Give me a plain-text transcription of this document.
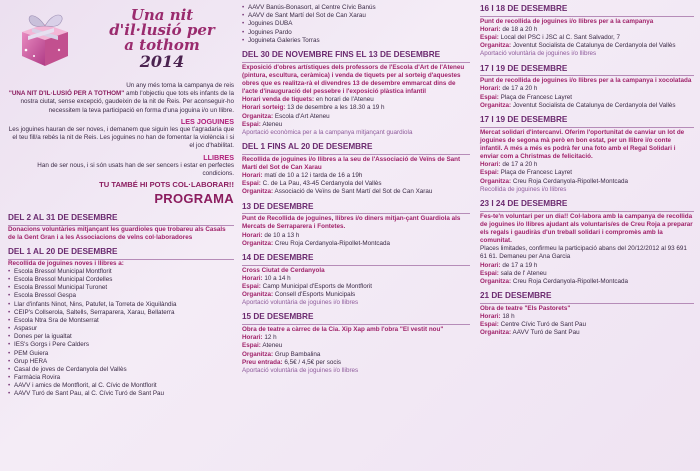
Una nit
d'il·lusió per
a tothom
2014
Un any més torna la campanya de reis
"UNA NIT D'IL·LUSIÓ PER A TOTHOM" amb l'objectiu que tots els infants de la nostra ciutat, sense excepció, gaudeixin de la nit de Reis. Per aconseguir-ho necessitem la teva participació en forma d'una joguina i/o un llibre.
LES JOGUINES
Les joguines hauran de ser noves, i demanem que siguin les que t'agradaria que el teu fill/a rebés la nit de Reis. Les joguines no han de fomentar la violència i si el joc d'habilitat.
LLIBRES
Han de ser nous, i si són usats han de ser sencers i estar en perfectes condicions.
TU TAMBÉ HI POTS COL·LABORAR!!
PROGRAMA
DEL 2 AL 31 DE DESEMBRE
Donacions voluntàries mitjançant les guardioles que trobareu als Casals de la Gent Gran i a les Associacions de veïns col·laboradores
DEL 1 AL 20 DE DESEMBRE
Recollida de joguines noves i llibres a:
• Escola Bressol Municipal Montflorit
• Escola Bressol Municipal Cordelles
• Escola Bressol Municipal Turonet
• Escola Bressol Gespa
• Llar d'infants Ninot, Nins, Patufet, la Torreta de Xiquilàndia
• CEIP's Collserola, Saltells, Serraparera, Xarau, Bellaterra
• Escola Ntra Sra de Montserrat
• Aspasur
• Dones per la igualtat
• IES's Gorgs i Pere Calders
• PEM Guiera
• Grup HERA
• Casal de joves de Cerdanyola del Vallès
• Farmàcia Rovira
• AAVV i amics de Montflorit, al C. Cívic de Montflorit
• AAVV Turó de Sant Pau, al C. Cívic Turó de Sant Pau
• AAVV Banús-Bonasort, al Centre Cívic Banús
• AAVV de Sant Martí del Sot de Can Xarau
• Joguines DUBA
• Joguines Pardo
• Joguineta Galeries Torras
DEL 30 DE NOVEMBRE FINS EL 13 DE DESEMBRE
Exposició d'obres artístiques dels professors de l'Escola d'Art de l'Ateneu (pintura, escultura, ceràmica) i venda de tiquets per al sorteig d'aquestes obres que es realitza-rà el divendres 13 de desembre emmarcat dins de l'acte d'inauguració del pessebre i l'exposició plàstica infantil
Horari venda de tiquets: en horari de l'Ateneu
Horari sorteig: 13 de desembre a les 18.30 a 19 h
Organitza: Escola d'Art Ateneu
Espai: Ateneu
Aportació econòmica per a la campanya mitjançant guardiola
DEL 1 FINS AL 20 DE DESEMBRE
Recollida de joguines i/o llibres a la seu de l'Associació de Veïns de Sant Martí del Sot de Can Xarau
Horari: matí de 10 a 12 i tarda de 16 a 19h
Espai: C. de La Pau, 43-45 Cerdanyola del Vallès
Organitza: Associació de Veïns de Sant Martí del Sot de Can Xarau
13 DE DESEMBRE
Punt de Recollida de joguines, llibres i/o diners mitjan-çant Guardiola als Mercats de Serraparera i Fontetes.
Horari: de 10 a 13 h
Organitza: Creu Roja Cerdanyola-Ripollet-Montcada
14 DE DESEMBRE
Cross Ciutat de Cerdanyola
Horari: 10 a 14 h
Espai: Camp Municipal d'Esports de Montflorit
Organitza: Consell d'Esports Municipals
Aportació voluntària de joguines i/o llibres
15 DE DESEMBRE
Obra de teatre a càrrec de la Cia. Xip Xap amb l'obra "El vestit nou"
Horari: 12 h
Espai: Ateneu
Organitza: Grup Bambalina
Preu entrada: 6,5€ / 4,5€ per socis
Aportació voluntària de joguines i/o llibres
16 I 18 DE DESEMBRE
Punt de recollida de joguines i/o llibres per a la campanya
Horari: de 18 a 20 h
Espai: Local del PSC i JSC al C. Sant Salvador, 7
Organitza: Joventut Socialista de Catalunya de Cerdanyola del Vallès
Aportació voluntària de joguines i/o llibres
17 I 19 DE DESEMBRE
Punt de recollida de joguines i/o llibres per a la campanya i xocolatada
Horari: de 17 a 20 h
Espai: Plaça de Francesc Layret
Organitza: Joventut Socialista de Catalunya de Cerdanyola del Vallès
17 I 19 DE DESEMBRE
Mercat solidari d'intercanvi. Oferim l'oportunitat de canviar un lot de joguines de segona mà però en bon estat, per un llibre i/o conte infantil. A més a més es podrà fer una foto amb el Regal Solidari i enviar com a Christmas de felicitació.
Horari: de 17 a 20 h
Espai: Plaça de Francesc Layret
Organitza: Creu Roja Cerdanyola-Ripollet-Montcada
Recollida de joguines i/o llibres
23 I 24 DE DESEMBRE
Fes-te'n voluntari per un dia!! Col·labora amb la campanya de recollida de joguines i/o llibres ajudant als voluntaris/es de Creu Roja a preparar els regals i gaudiràs d'un treball solidari i compromès amb la comunitat.
Places limitades, confirmeu la participació abans del 20/12/2012 al 93 691 61 61. Demaneu per Ana Garcia
Horari: de 17 a 19 h
Espai: sala de l' Ateneu
Organitza: Creu Roja Cerdanyola-Ripollet-Montcada
21 DE DESEMBRE
Obra de teatre "Els Pastorets"
Horari: 18 h
Espai: Centre Cívic Turó de Sant Pau
Organitza: AAVV Turó de Sant Pau
